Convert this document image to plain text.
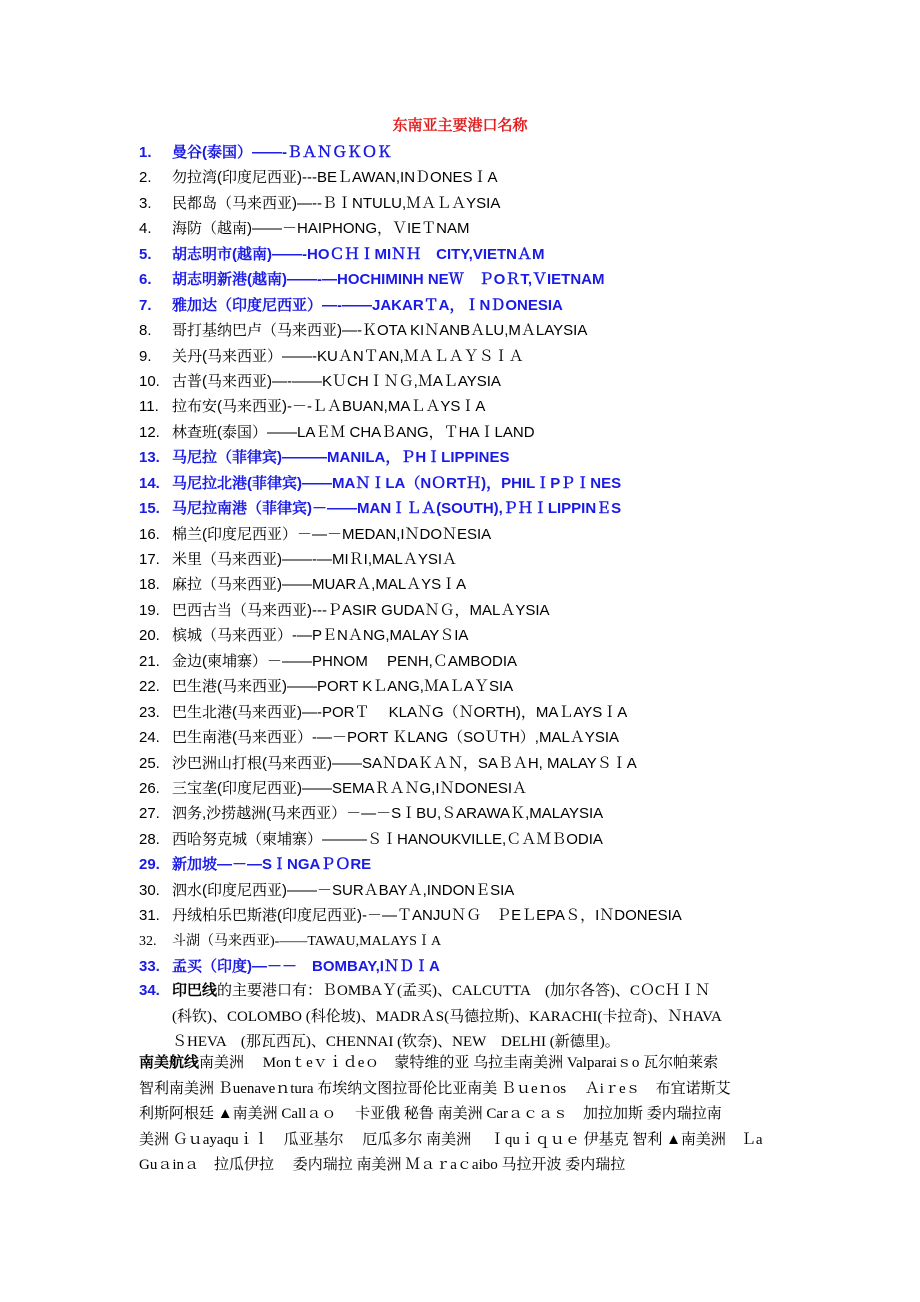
东南亚主要港口名称
1. 曼谷(泰国）——-ＢＡＮＧＫＯＫ
2. 勿拉湾(印度尼西亚)---BEＬAWAN,INＤONESＩA
3. 民都岛（马来西亚)—--ＢＩNTULU,ＭＡＬＡYSIA
4. 海防（越南)——－HAIPHONG，ＶIEＴNAM
5. 胡志明市(越南)——-HOＣＨＩMIＮＨ　CITY,VIETNＡM
6. 胡志明新港(越南)——-—HOCHIMINH NEＷ　ＰOＲT,ＶIETNAM
7. 雅加达（印度尼西亚）—-——JAKARＴA，ＩNＤONESIA
8. 哥打基纳巴卢（马来西亚)—-ＫOTA KIＮANBＡLU,MＡLAYSIA
9. 关丹(马来西亚）——-KUＡNＴAN,ＭＡＬＡＹＳＩＡ
10. 古普(马来西亚)—-——KＵCHＩＮＧ,ＭAＬAYSIA
11. 拉布安(马来西亚)-－-ＬＡBUAN,MAＬＡYSＩA
12. 林查班(泰国）——LAＥＭ CHAＢANG，ＴHAＩLAND
13. 马尼拉（菲律宾)———MANILA，ＰHＩLIPPINES
14. 马尼拉北港(菲律宾)——MAＮＩLA（NＯRTＨ)，PHILＩPＰＩNES
15. 马尼拉南港（菲律宾)－——MANＩＬＡ(SOUTH),ＰＨＩLIPPINＥS
16. 棉兰(印度尼西亚）－—－MEDAN,IＮDOＮESIA
17. 米里（马来西亚)——-—MIＲI,MALＡYSIＡ
18. 麻拉（马来西亚)——MUARＡ,MALＡYSＩA
19. 巴西古当（马来西亚)---ＰASIR GUDAＮＧ，MALＡYSIA
20. 槟城（马来西亚）-—PＥNＡNG,MALAYＳIA
21. 金边(柬埔寨）－——PHNOM　 PENH,ＣAMBODIA
22. 巴生港(马来西亚)——PORT KＬANG,ＭAＬAＹSIA
23. 巴生北港(马来西亚)—-PORＴ　 KLAＮG（ＮORTH)，MAＬAYSＩA
24. 巴生南港(马来西亚）-—－PORT ＫLANG（SOＵTH）,MALＡYSIA
25. 沙巴洲山打根(马来西亚)——SAＮDAＫＡＮ，SAＢＡH, MALAYＳＩA
26. 三宝垄(印度尼西亚)——SEMAＲＡＮG,IＮDONESIＡ
27. 泗务,沙捞越洲(马来西亚）－—－SＩBU,ＳARAWAＫ,MALAYSIA
28. 西哈努克城（柬埔寨）———ＳＩHANOUKVILLE,ＣＡＭＢODIA
29. 新加坡—－—SＩNGAＰＯRE
30. 泗水(印度尼西亚)——－SURＡBAYＡ,INDONＥSIA
31. 丹绒柏乐巴斯港(印度尼西亚)-－—ＴANJUＮＧ　ＰEＬEPAＳ，IＮDONESIA
32. 斗湖（马来西亚)-——TAWAU,MALAYSＩA
33. 孟买（印度)—－－　BOMBAY,IＮＤＩA
34. 印巴线的主要港口有：ＢOMBAＹ(孟买)、CALCUTTA　(加尔各答)、CＯCＨＩＮ
(科钦)、COLOMBO (科伦坡)、MADRＡS(马德拉斯)、KARACHI(卡拉奇)、ＮHAVA
ＳHEVA　(那瓦西瓦)、CHENNAI (钦奈)、NEW　DELHI (新德里)。
南美航线南美洲　 Monｔeｖｉｄeｏ　蒙特维的亚 乌拉圭南美洲 Valparaiｓo 瓦尔帕莱索
智利南美洲 Ｂuenaveｎtura 布埃纳文图拉哥伦比亚南美 Ｂｕeｎos　 Ａiｒeｓ　布宜诺斯艾
利斯阿根廷 ▲南美洲 Callａｏ　 卡亚俄 秘鲁 南美洲 Carａｃａｓ　加拉加斯 委内瑞拉南
美洲 Ｇｕayaquｉｌ　瓜亚基尔　 厄瓜多尔 南美洲　 Ｉquｉｑｕｅ 伊基克 智利 ▲南美洲　Ｌa
Guａinａ　拉瓜伊拉　 委内瑞拉 南美洲 Ｍａｒaｃaibo 马拉开波 委内瑞拉
